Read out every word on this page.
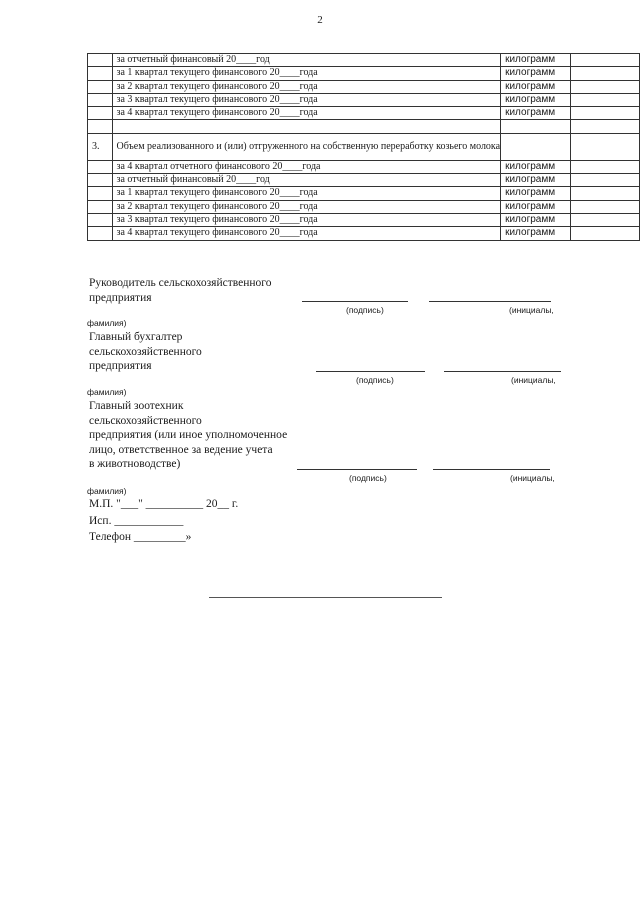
2
	за отчетный финансовый 20____год	килограмм	
	за 1 квартал текущего финансового 20____года	килограмм	
	за 2 квартал текущего финансового 20____года	килограмм	
	за 3 квартал текущего финансового 20____года	килограмм	
	за 4 квартал текущего финансового 20____года	килограмм	

3.	Объем реализованного и (или) отгруженного на собственную переработку козьего молока		
	за 4 квартал отчетного финансового 20____года	килограмм	
	за отчетный финансовый 20____год	килограмм	
	за 1 квартал текущего финансового 20____года	килограмм	
	за 2 квартал текущего финансового 20____года	килограмм	
	за 3 квартал текущего финансового 20____года	килограмм	
	за 4 квартал текущего финансового 20____года	килограмм	
Руководитель сельскохозяйственного
предприятия
(подпись)	(инициалы,
фамилия)
Главный бухгалтер
сельскохозяйственного
предприятия
(подпись)	(инициалы,
фамилия)
Главный зоотехник
сельскохозяйственного
предприятия (или иное уполномоченное
лицо, ответственное за ведение учета
в животноводстве)
(подпись)	(инициалы,
фамилия)
М.П. "___" __________ 20__ г.
Исп. ____________
Телефон _________»
